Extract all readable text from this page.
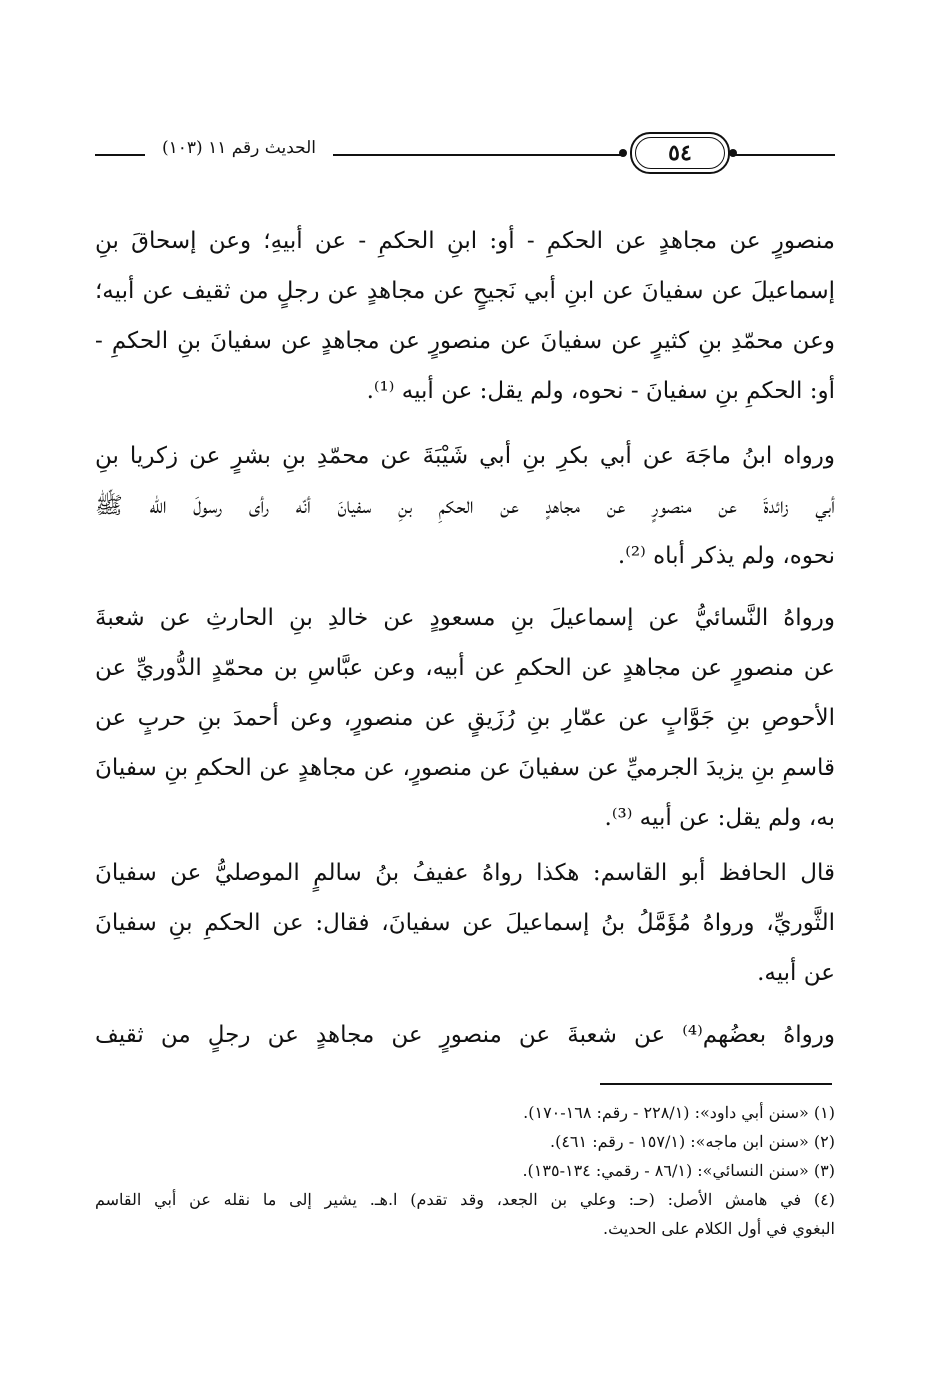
الحديث رقم ١١ (١٠٣)	٥٤

منصورٍ عن مجاهدٍ عن الحكمِ - أو: ابنِ الحكمِ - عن أبيهِ؛ وعن إسحاقَ بنِ
إسماعيلَ عن سفيانَ عن ابنِ أبي نَجيحٍ عن مجاهدٍ عن رجلٍ من ثقيف عن أبيه؛
وعن محمّدِ بنِ كثيرٍ عن سفيانَ عن منصورٍ عن مجاهدٍ عن سفيانَ بنِ الحكمِ -
أو: الحكمِ بنِ سفيانَ - نحوه، ولم يقل: عن أبيه ⁽¹⁾.

ورواه ابنُ ماجَهَ عن أبي بكرِ بنِ أبي شَيْبَةَ عن محمّدِ بنِ بشرٍ عن زكريا بنِ
أبي زائدةَ عن منصورٍ عن مجاهدٍ عن الحكمِ بنِ سفيانَ أنّه رأى رسولَ الله ﷺ
نحوه، ولم يذكر أباه ⁽²⁾.

ورواهُ النَّسائيُّ عن إسماعيلَ بنِ مسعودٍ عن خالدِ بنِ الحارثِ عن شعبةَ
عن منصورٍ عن مجاهدٍ عن الحكمِ عن أبيه، وعن عبَّاسِ بن محمّدٍ الدُّوريِّ عن
الأحوصِ بنِ جَوَّابٍ عن عمّارِ بنِ رُزَيقٍ عن منصورٍ، وعن أحمدَ بنِ حربٍ عن
قاسمِ بنِ يزيدَ الجرميِّ عن سفيانَ عن منصورٍ، عن مجاهدٍ عن الحكمِ بنِ سفيانَ
به، ولم يقل: عن أبيه ⁽³⁾.

قال الحافظ أبو القاسم: هكذا رواهُ عفيفُ بنُ سالمٍ الموصليُّ عن سفيانَ
الثَّوريِّ، ورواهُ مُؤَمَّلُ بنُ إسماعيلَ عن سفيانَ، فقال: عن الحكمِ بنِ سفيانَ
عن أبيه.

ورواهُ بعضُهم⁽⁴⁾ عن شعبةَ عن منصورٍ عن مجاهدٍ عن رجلٍ من ثقيف

(١) «سنن أبي داود»: (٢٢٨/١ - رقم: ١٦٨-١٧٠).
(٢) «سنن ابن ماجه»: (١٥٧/١ - رقم: ٤٦١).
(٣) «سنن النسائي»: (٨٦/١ - رقمي: ١٣٤-١٣٥).
(٤) في هامش الأصل: (حـ: وعلي بن الجعد، وقد تقدم) ا.هـ. يشير إلى ما نقله عن أبي القاسم
البغوي في أول الكلام على الحديث.
